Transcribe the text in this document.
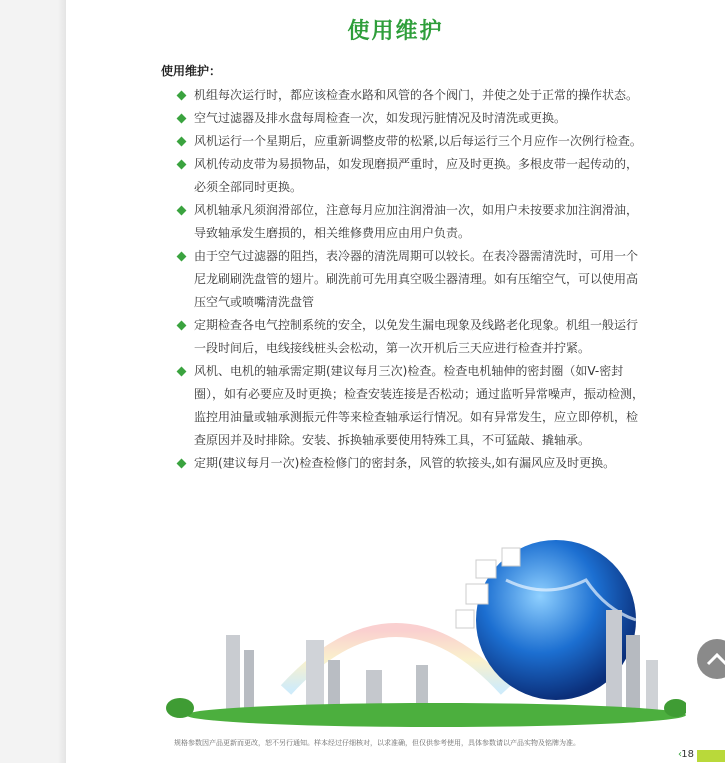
使用维护
使用维护：
机组每次运行时，都应该检查水路和风管的各个阀门，并使之处于正常的操作状态。
空气过滤器及排水盘每周检查一次，如发现污脏情况及时清洗或更换。
风机运行一个星期后，应重新调整皮带的松紧,以后每运行三个月应作一次例行检查。
风机传动皮带为易损物品，如发现磨损严重时，应及时更换。多根皮带一起传动的，必须全部同时更换。
风机轴承凡须润滑部位，注意每月应加注润滑油一次，如用户未按要求加注润滑油，导致轴承发生磨损的，相关维修费用应由用户负责。
由于空气过滤器的阻挡，表冷器的清洗周期可以较长。在表冷器需清洗时，可用一个尼龙刷刷洗盘管的翅片。刷洗前可先用真空吸尘器清理。如有压缩空气，可以使用高压空气或喷嘴清洗盘管
定期检查各电气控制系统的安全，以免发生漏电现象及线路老化现象。机组一般运行一段时间后，电线接线桩头会松动，第一次开机后三天应进行检查并拧紧。
风机、电机的轴承需定期(建议每月三次)检查。检查电机轴伸的密封圈（如V-密封圈），如有必要应及时更换；检查安装连接是否松动；通过监听异常噪声，振动检测，监控用油量或轴承测振元件等来检查轴承运行情况。如有异常发生，应立即停机，检查原因并及时排除。安装、拆换轴承要使用特殊工具，不可猛敲、撬轴承。
定期(建议每月一次)检查检修门的密封条，风管的软接头,如有漏风应及时更换。
规格参数因产品更新而更改，恕不另行通知。样本经过仔细核对，以求准确，但仅供参考使用，具体参数请以产品实物及铭牌为准。
‹ 18
